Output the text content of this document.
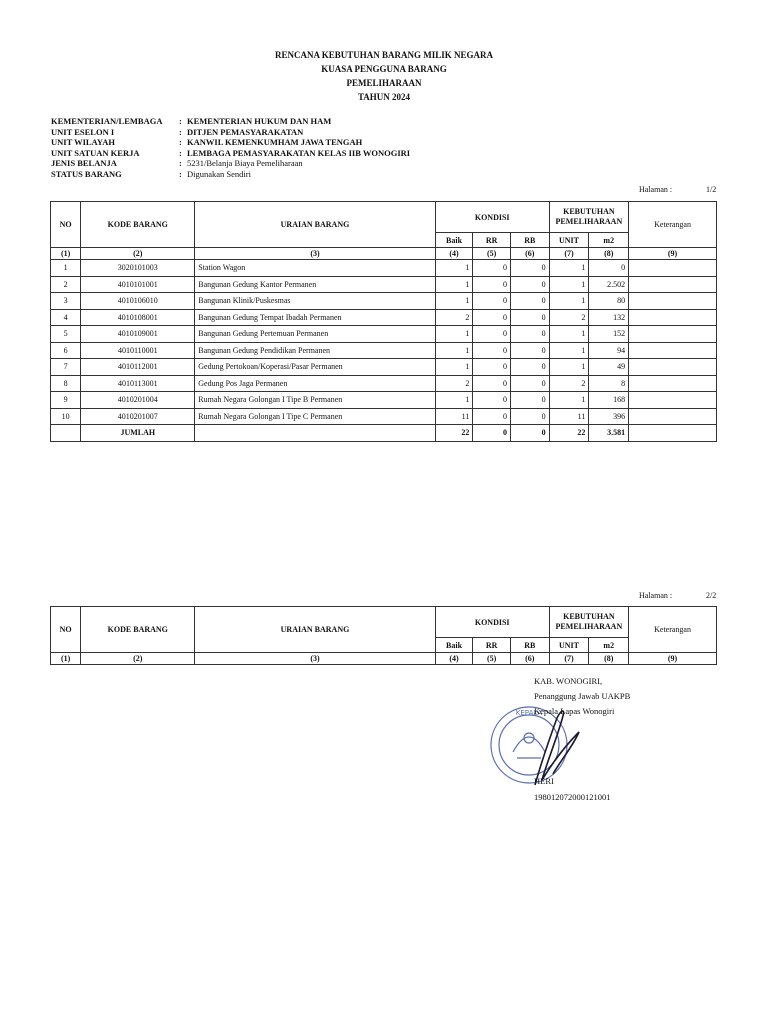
RENCANA KEBUTUHAN BARANG MILIK NEGARA
KUASA PENGGUNA BARANG
PEMELIHARAAN
TAHUN 2024
KEMENTERIAN/LEMBAGA : KEMENTERIAN HUKUM DAN HAM
UNIT ESELON I	: DITJEN PEMASYARAKATAN
UNIT WILAYAH	: KANWIL KEMENKUMHAM JAWA TENGAH
UNIT SATUAN KERJA	: LEMBAGA PEMASYARAKATAN KELAS IIB WONOGIRI
JENIS BELANJA	: 5231/Belanja Biaya Pemeliharaan
STATUS BARANG	: Digunakan Sendiri
Halaman :	1/2
NO	KODE BARANG	URAIAN BARANG	KONDISI			KEBUTUHAN PEMELIHARAAN		Keterangan
			Baik	RR	RB	UNIT	m2	
(1)	(2)	(3)	(4)	(5)	(6)	(7)	(8)	(9)
1	3020101003	Station Wagon	1	0	0	1	0	
2	4010101001	Bangunan Gedung Kantor Permanen	1	0	0	1	2.502	
3	4010106010	Bangunan Klinik/Puskesmas	1	0	0	1	80	
4	4010108001	Bangunan Gedung Tempat Ibadah Permanen	2	0	0	2	132	
5	4010109001	Bangunan Gedung Pertemuan Permanen	1	0	0	1	152	
6	4010110001	Bangunan Gedung Pendidikan Permanen	1	0	0	1	94	
7	4010112001	Gedung Pertokoan/Koperasi/Pasar Permanen	1	0	0	1	49	
8	4010113001	Gedung Pos Jaga Permanen	2	0	0	2	8	
9	4010201004	Rumah Negara Golongan I Tipe B Permanen	1	0	0	1	168	
10	4010201007	Rumah Negara Golongan I Tipe C Permanen	11	0	0	11	396	
	JUMLAH		22	0	0	22	3.581	
Halaman :	2/2
NO	KODE BARANG	URAIAN BARANG	KONDISI			KEBUTUHAN PEMELIHARAAN		Keterangan
			Baik	RR	RB	UNIT	m2	
(1)	(2)	(3)	(4)	(5)	(6)	(7)	(8)	(9)
KEPALA
KAB. WONOGIRI,
Penanggung Jawab UAKPB
Kepala Lapas Wonogiri
HERI
198012072000121001
